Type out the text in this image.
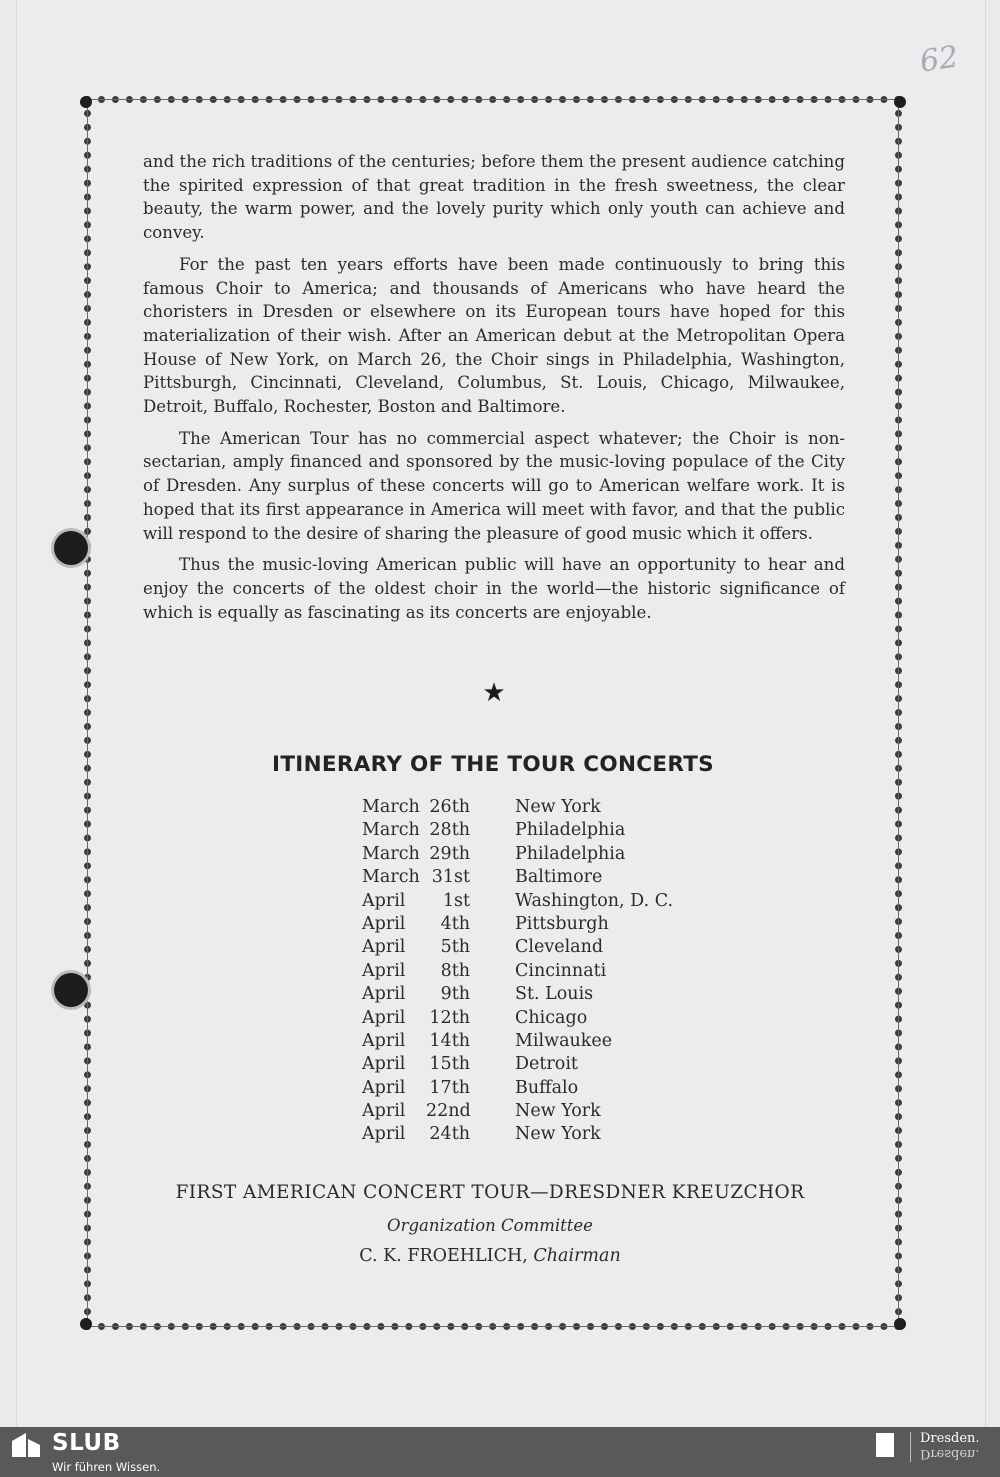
62

and the rich traditions of the centuries; before them the present audience catching the spirited expression of that great tradition in the fresh sweetness, the clear beauty, the warm power, and the lovely purity which only youth can achieve and convey.

For the past ten years efforts have been made continuously to bring this famous Choir to America; and thousands of Americans who have heard the choristers in Dresden or elsewhere on its European tours have hoped for this materialization of their wish. After an American debut at the Metropolitan Opera House of New York, on March 26, the Choir sings in Philadelphia, Washington, Pittsburgh, Cincinnati, Cleveland, Columbus, St. Louis, Chicago, Milwaukee, Detroit, Buffalo, Rochester, Boston and Baltimore.

The American Tour has no commercial aspect whatever; the Choir is non-sectarian, amply financed and sponsored by the music-loving populace of the City of Dresden. Any surplus of these concerts will go to American welfare work. It is hoped that its first appearance in America will meet with favor, and that the public will respond to the desire of sharing the pleasure of good music which it offers.

Thus the music-loving American public will have an opportunity to hear and enjoy the concerts of the oldest choir in the world—the historic significance of which is equally as fascinating as its concerts are enjoyable.

★
ITINERARY OF THE TOUR CONCERTS
March 26th	New York
March 28th	Philadelphia
March 29th	Philadelphia
March 31st	Baltimore
April	1st	Washington, D. C.
April	4th	Pittsburgh
April	5th	Cleveland
April	8th	Cincinnati
April	9th	St. Louis
April	12th	Chicago
April	14th	Milwaukee
April	15th	Detroit
April	17th	Buffalo
April	22nd	New York
April	24th	New York
FIRST AMERICAN CONCERT TOUR—DRESDNER KREUZCHOR
Organization Committee
C. K. FROEHLICH, Chairman
SLUB
Wir führen Wissen.
Dresden.
Dresden.
